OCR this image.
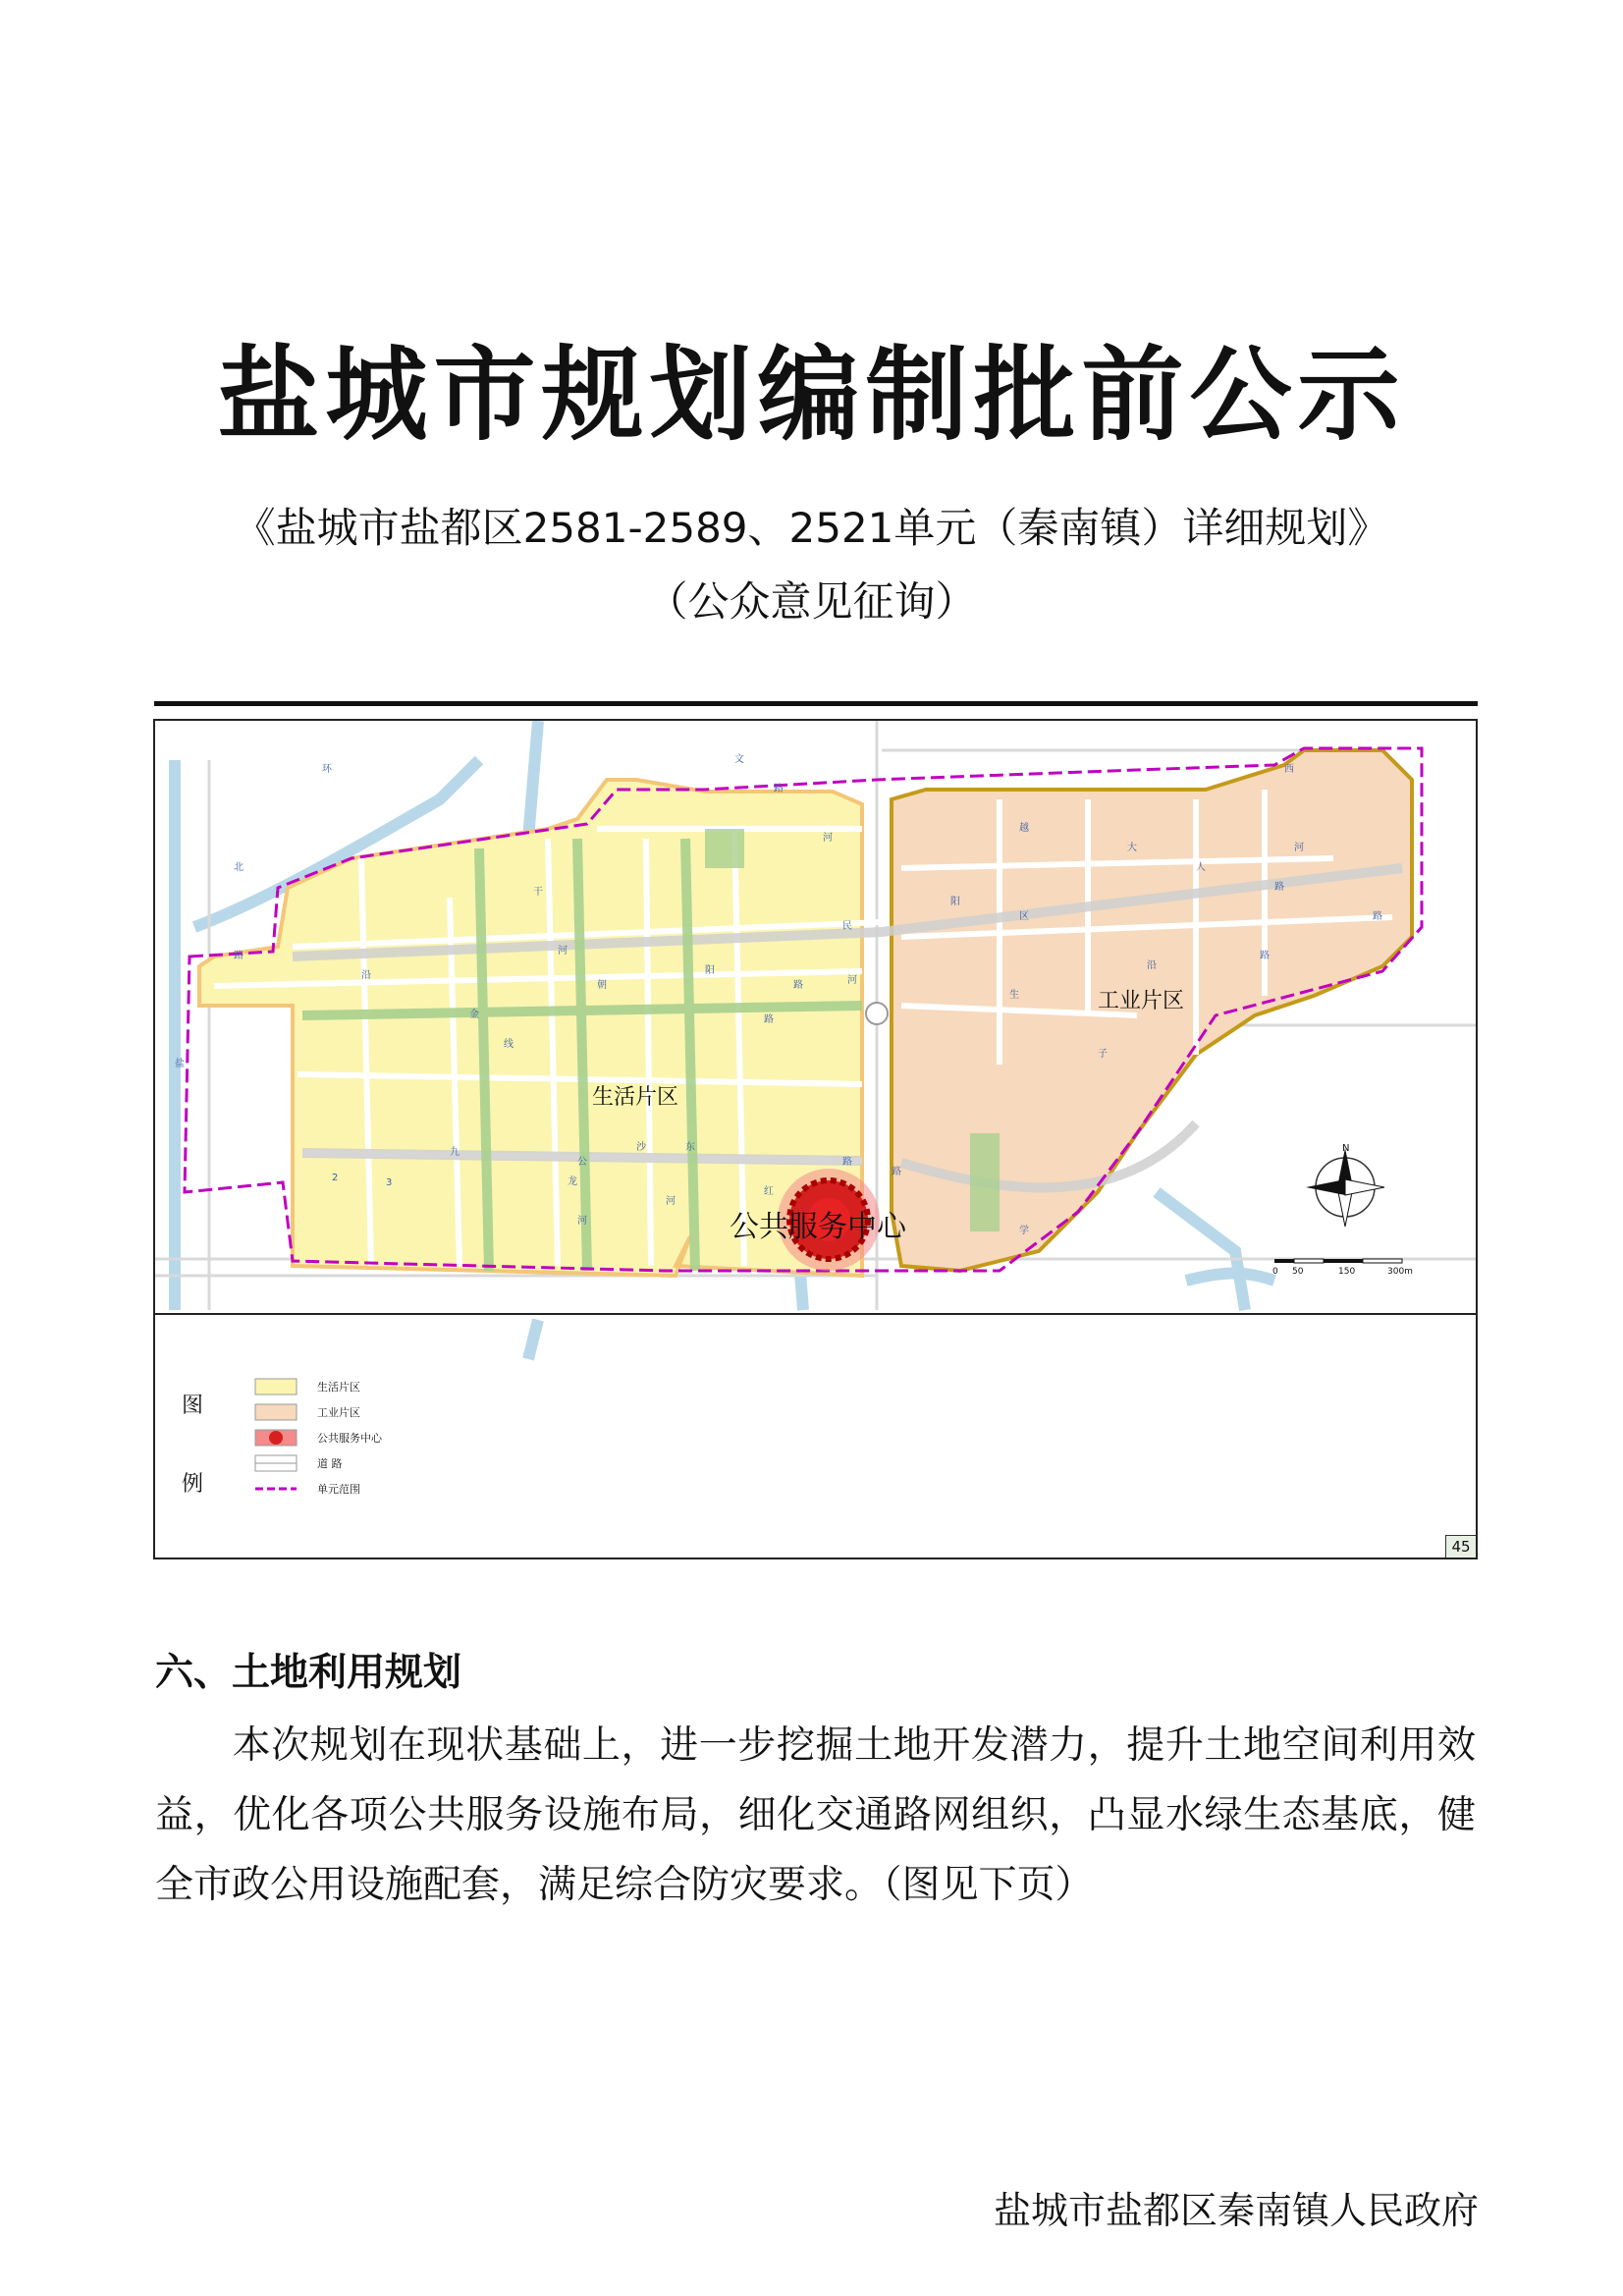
盐城市规划编制批前公示
《盐城市盐都区2581-2589、2521单元（秦南镇）详细规划》
（公众意见征询）
生活片区
工业片区
公共服务中心
图
例
生活片区
工业片区
公共服务中心
道 路
单元范围
0 50	150	300m
N
45
北
环
路
文
越
路
大
阳
区
人
西
干
河
朝
阳
路	河
生
沿
路
盐
金	路
公
九
龙
河
2	3
红
河
民
路
学
路
路
子
河
河
沿
线
沙	东
路
六、土地利用规划
本次规划在现状基础上，进一步挖掘土地开发潜力，提升土地空间利用效益，优化各项公共服务设施布局，细化交通路网组织，凸显水绿生态基底，健全市政公用设施配套，满足综合防灾要求。（图见下页）
盐城市盐都区秦南镇人民政府
